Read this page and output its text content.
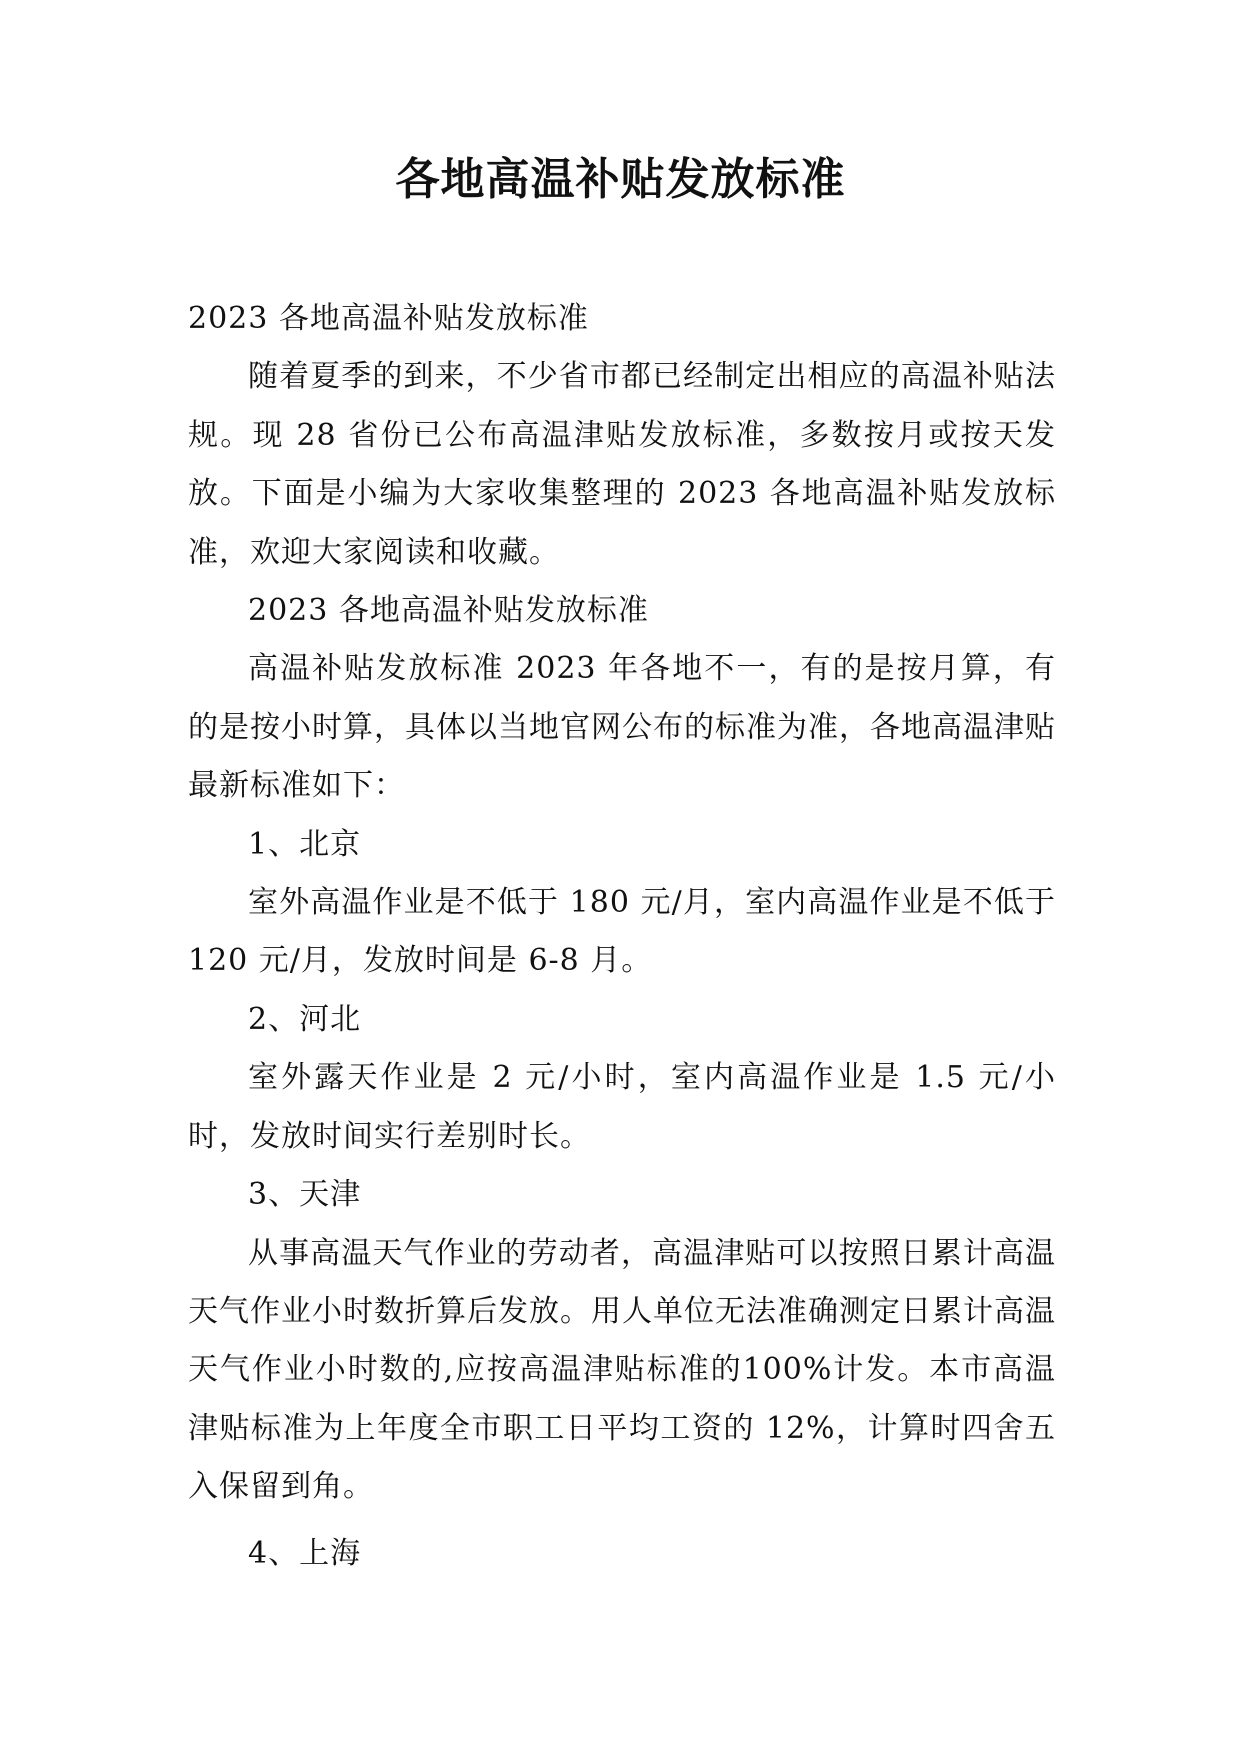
各地高温补贴发放标准

2023 各地高温补贴发放标准

随着夏季的到来，不少省市都已经制定出相应的高温补贴法规。现 28 省份已公布高温津贴发放标准，多数按月或按天发放。下面是小编为大家收集整理的 2023 各地高温补贴发放标准，欢迎大家阅读和收藏。

2023 各地高温补贴发放标准

高温补贴发放标准 2023 年各地不一，有的是按月算，有的是按小时算，具体以当地官网公布的标准为准，各地高温津贴最新标准如下：

1、北京

室外高温作业是不低于 180 元/月，室内高温作业是不低于 120 元/月，发放时间是 6-8 月。

2、河北

室外露天作业是 2 元/小时，室内高温作业是 1.5 元/小时，发放时间实行差别时长。

3、天津

从事高温天气作业的劳动者，高温津贴可以按照日累计高温天气作业小时数折算后发放。用人单位无法准确测定日累计高温天气作业小时数的,应按高温津贴标准的100%计发。本市高温津贴标准为上年度全市职工日平均工资的 12%，计算时四舍五入保留到角。

4、上海
